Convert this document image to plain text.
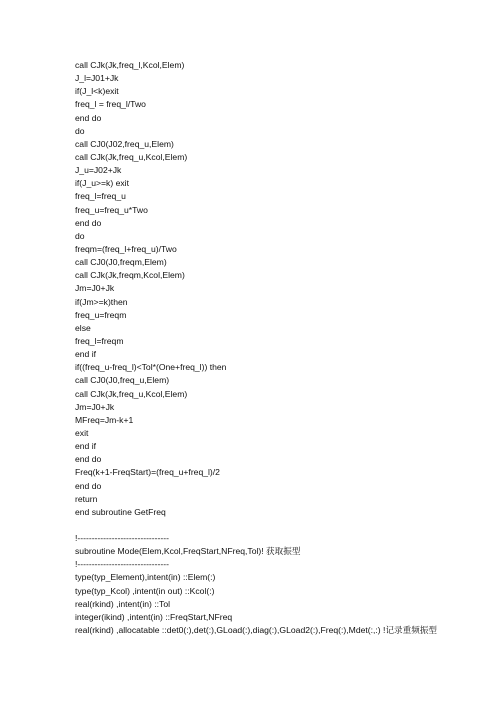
call CJk(Jk,freq_l,Kcol,Elem)
J_l=J01+Jk
if(J_l<k)exit
freq_l = freq_l/Two
end do
do
call CJ0(J02,freq_u,Elem)
call CJk(Jk,freq_u,Kcol,Elem)
J_u=J02+Jk
if(J_u>=k) exit
freq_l=freq_u
freq_u=freq_u*Two
end do
do
freqm=(freq_l+freq_u)/Two
call CJ0(J0,freqm,Elem)
call CJk(Jk,freqm,Kcol,Elem)
Jm=J0+Jk
if(Jm>=k)then
freq_u=freqm
else
freq_l=freqm
end if
if((freq_u-freq_l)<Tol*(One+freq_l)) then
call CJ0(J0,freq_u,Elem)
call CJk(Jk,freq_u,Kcol,Elem)
Jm=J0+Jk
MFreq=Jm-k+1
exit
end if
end do
Freq(k+1-FreqStart)=(freq_u+freq_l)/2
end do
return
end subroutine GetFreq
!--------------------------------
subroutine Mode(Elem,Kcol,FreqStart,NFreq,Tol)! 获取振型
!--------------------------------
type(typ_Element),intent(in) ::Elem(:)
type(typ_Kcol) ,intent(in out) ::Kcol(:)
real(rkind) ,intent(in) ::Tol
integer(ikind) ,intent(in) ::FreqStart,NFreq
real(rkind) ,allocatable ::det0(:),det(:),GLoad(:),diag(:),GLoad2(:),Freq(:),Mdet(:,:) !记录重频振型
